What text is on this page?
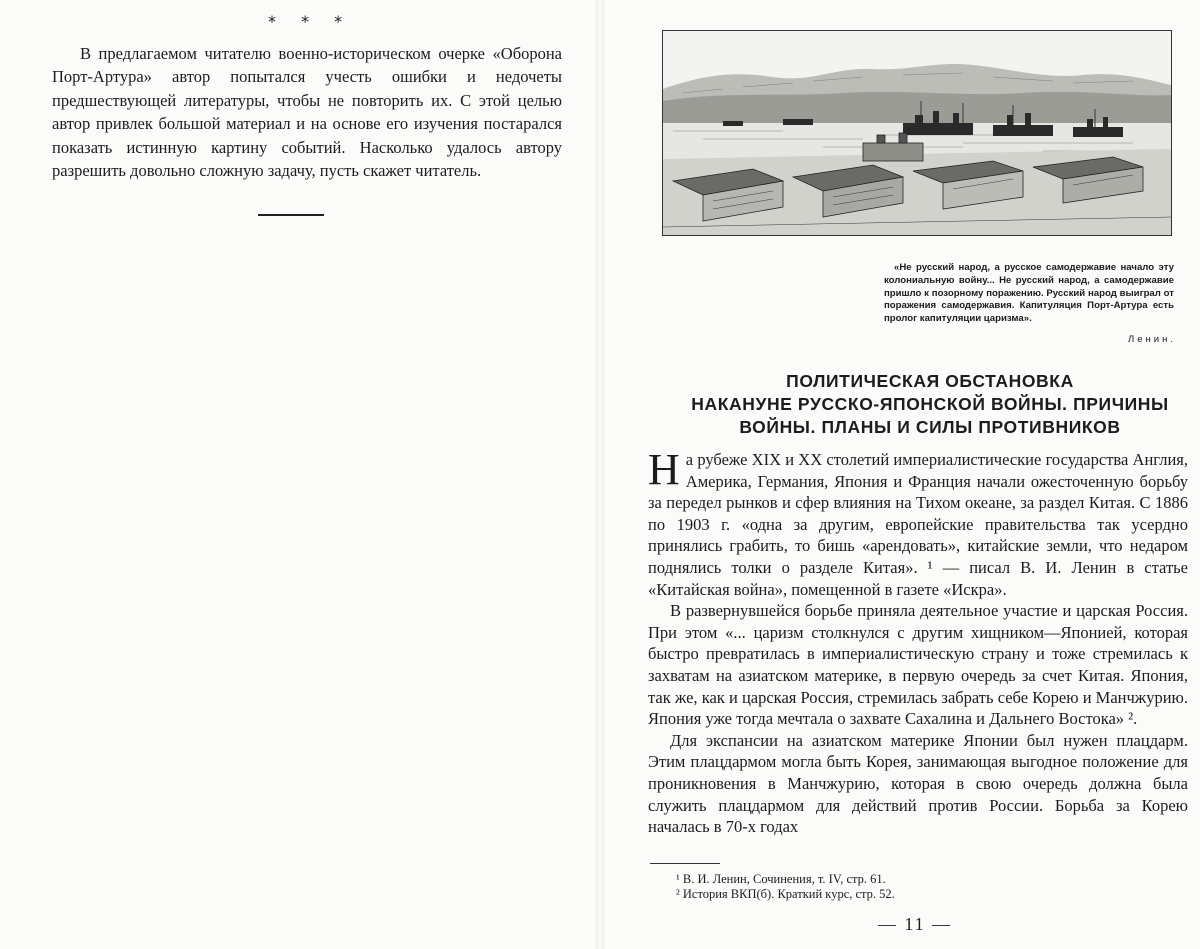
* * *

В предлагаемом читателю военно-историческом очерке «Оборона Порт-Артура» автор попытался учесть ошибки и недочеты предшествующей литературы, чтобы не повторить их. С этой целью автор привлек большой материал и на основе его изучения постарался показать истинную картину событий. Насколько удалось автору разрешить довольно сложную задачу, пусть скажет читатель.

«Не русский народ, а русское самодержавие начало эту колониальную войну... Не русский народ, а самодержавие пришло к позорному поражению. Русский народ выиграл от поражения самодержавия. Капитуляция Порт-Артура есть пролог капитуляции царизма».

Ленин.
ПОЛИТИЧЕСКАЯ ОБСТАНОВКА
НАКАНУНЕ РУССКО-ЯПОНСКОЙ ВОЙНЫ. ПРИЧИНЫ
ВОЙНЫ. ПЛАНЫ И СИЛЫ ПРОТИВНИКОВ

На рубеже XIX и XX столетий империалистические государства Англия, Америка, Германия, Япония и Франция начали ожесточенную борьбу за передел рынков и сфер влияния на Тихом океане, за раздел Китая. С 1886 по 1903 г. «одна за другим, европейские правительства так усердно принялись грабить, то бишь «арендовать», китайские земли, что недаром поднялись толки о разделе Китая». ¹ — писал В. И. Ленин в статье «Китайская война», помещенной в газете «Искра».

В развернувшейся борьбе приняла деятельное участие и царская Россия. При этом «... царизм столкнулся с другим хищником—Японией, которая быстро превратилась в империалистическую страну и тоже стремилась к захватам на азиатском материке, в первую очередь за счет Китая. Япония, так же, как и царская Россия, стремилась забрать себе Корею и Манчжурию. Япония уже тогда мечтала о захвате Сахалина и Дальнего Востока» ².

Для экспансии на азиатском материке Японии был нужен плацдарм. Этим плацдармом могла быть Корея, занимающая выгодное положение для проникновения в Манчжурию, которая в свою очередь должна была служить плацдармом для действий против России. Борьба за Корею началась в 70-х годах

¹ В. И. Ленин, Сочинения, т. IV, стр. 61.
² История ВКП(б). Краткий курс, стр. 52.
— 11 —
